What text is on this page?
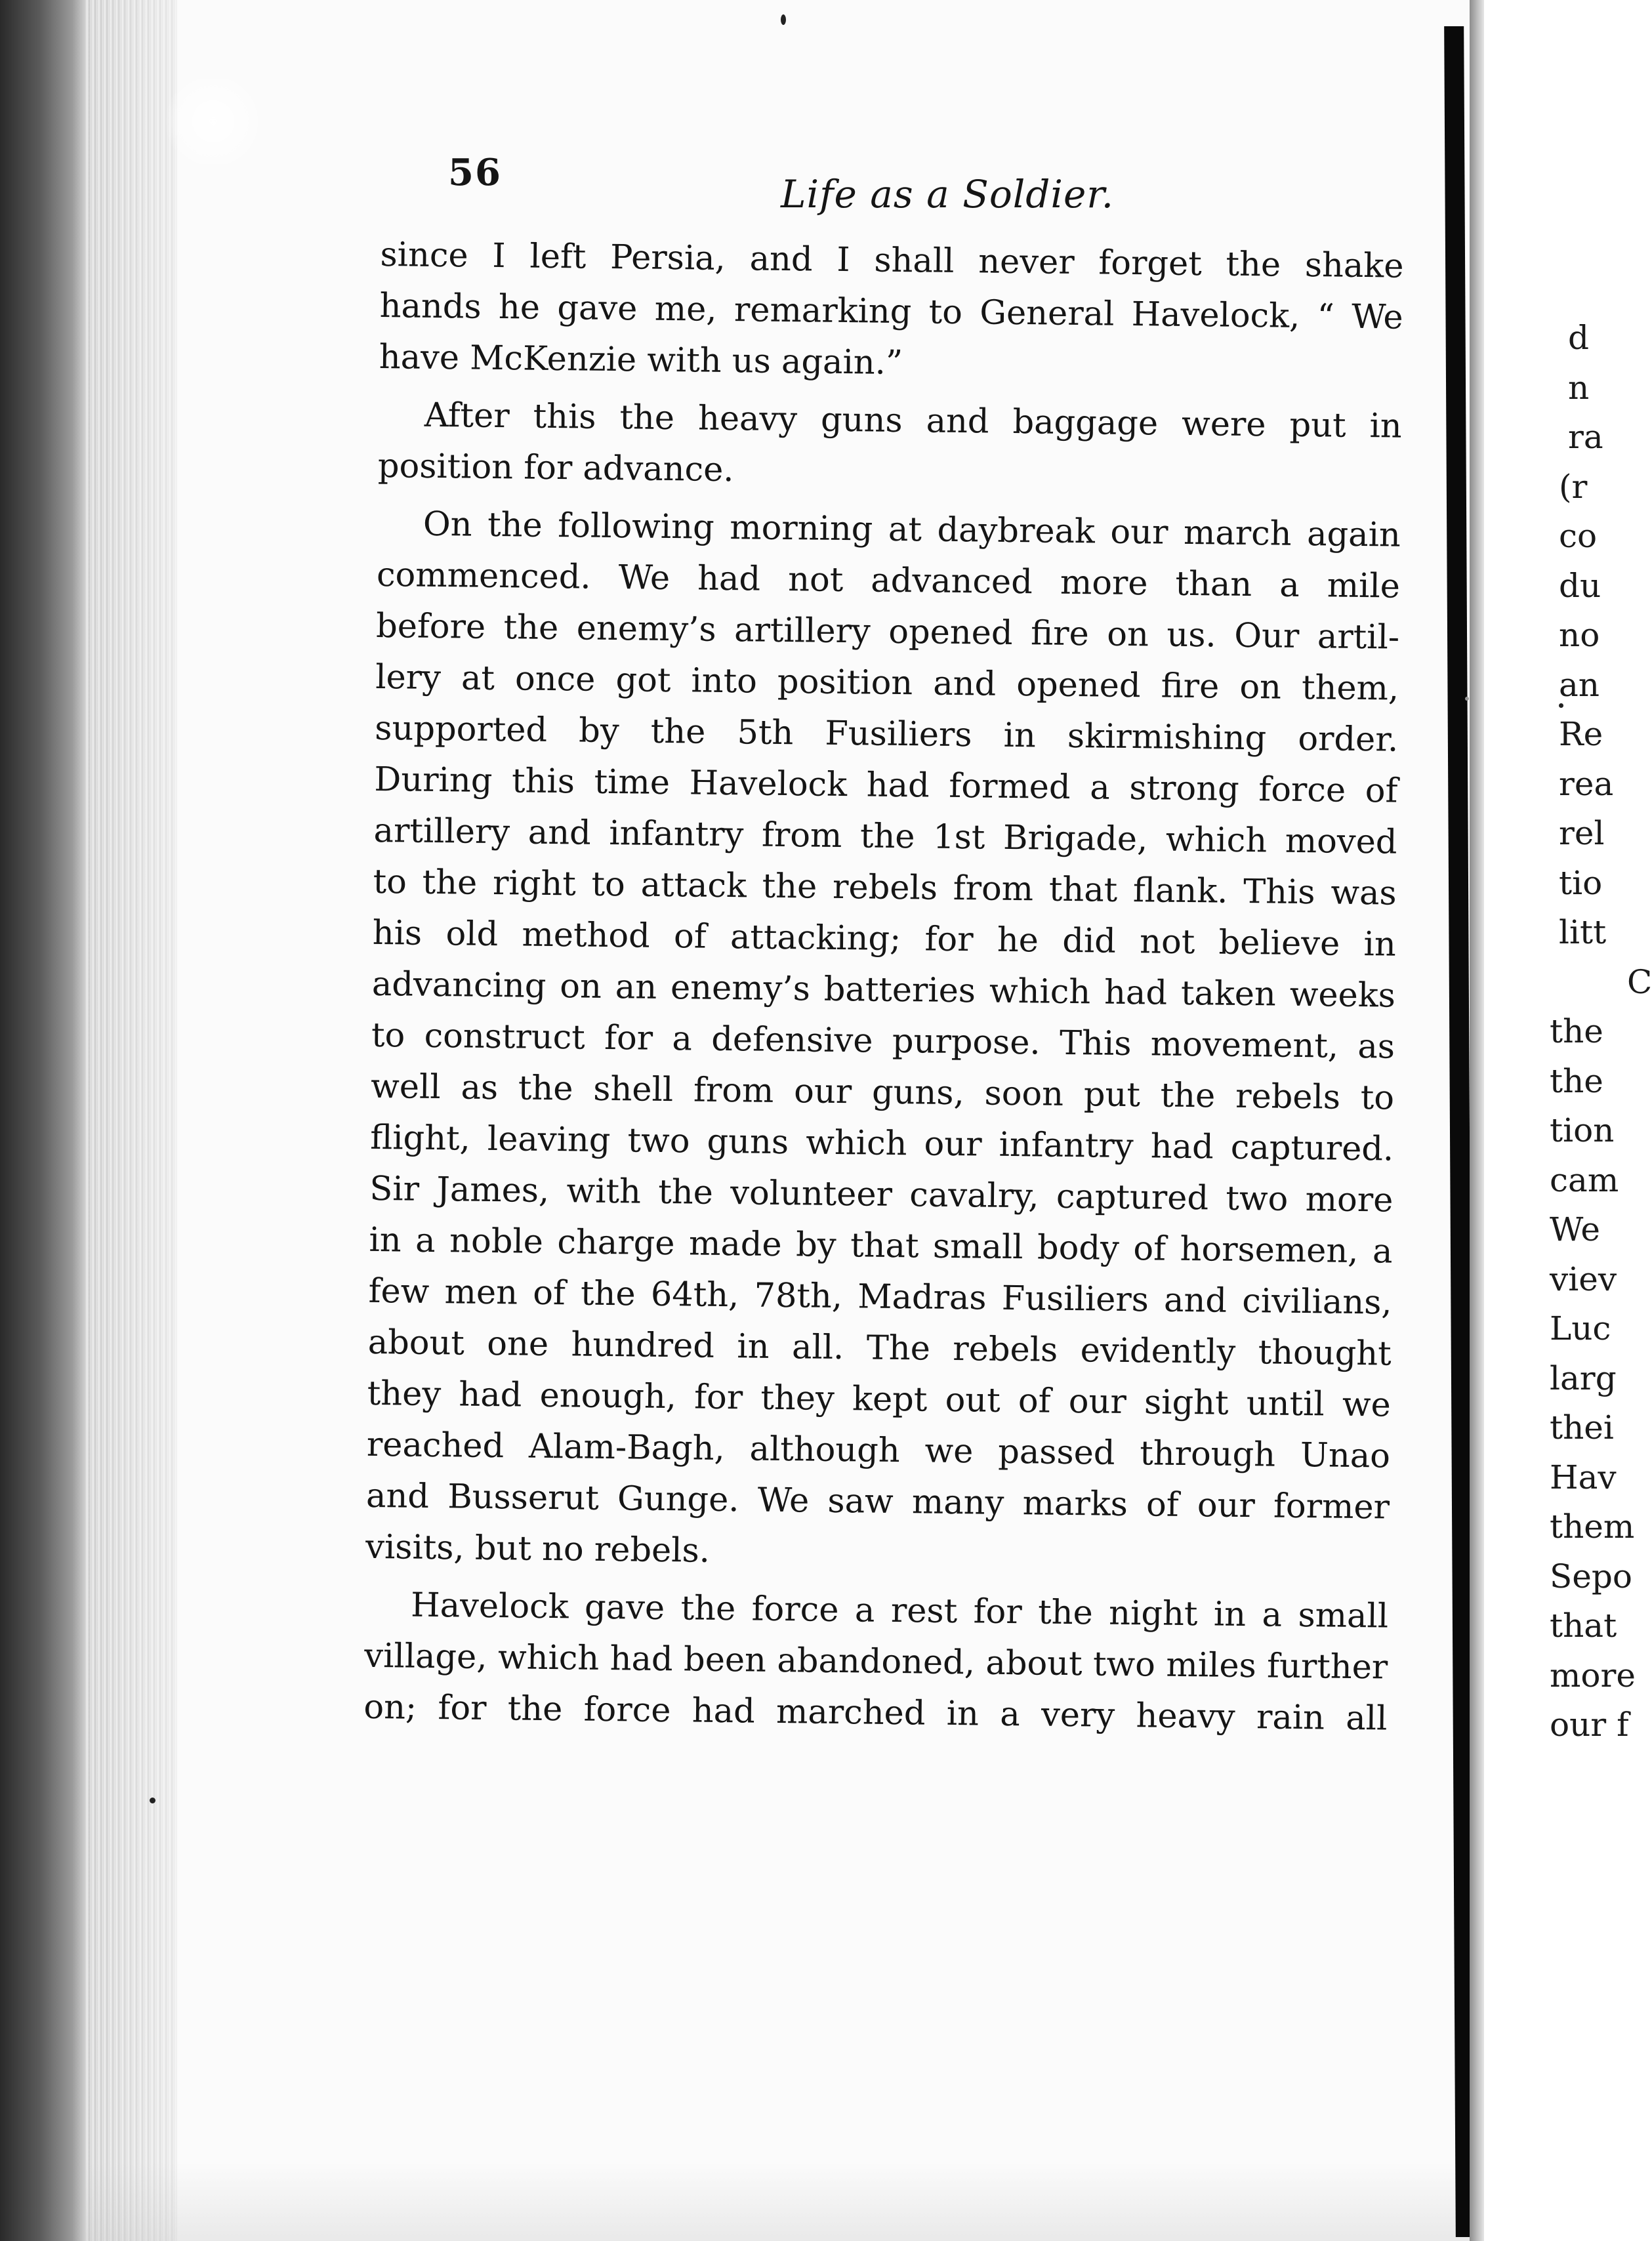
56	Life as a Soldier.
since I left Persia, and I shall never forget the shake
hands he gave me, remarking to General Havelock, “ We
have McKenzie with us again.”
After this the heavy guns and baggage were put in
position for advance.
On the following morning at daybreak our march again
commenced. We had not advanced more than a mile
before the enemy’s artillery opened fire on us. Our artil-
lery at once got into position and opened fire on them,
supported by the 5th Fusiliers in skirmishing order.
During this time Havelock had formed a strong force of
artillery and infantry from the 1st Brigade, which moved
to the right to attack the rebels from that flank. This was
his old method of attacking; for he did not believe in
advancing on an enemy’s batteries which had taken weeks
to construct for a defensive purpose. This movement, as
well as the shell from our guns, soon put the rebels to
flight, leaving two guns which our infantry had captured.
Sir James, with the volunteer cavalry, captured two more
in a noble charge made by that small body of horsemen, a
few men of the 64th, 78th, Madras Fusiliers and civilians,
about one hundred in all. The rebels evidently thought
they had enough, for they kept out of our sight until we
reached Alam-Bagh, although we passed through Unao
and Busserut Gunge. We saw many marks of our former
visits, but no rebels.
Havelock gave the force a rest for the night in a small
village, which had been abandoned, about two miles further
on; for the force had marched in a very heavy rain all
d
n
ra
(r
co
du
no
an
Re
rea
rel
tio
litt
C
the
the
tion
cam
We
viev
Luc
larg
thei
Hav
them
Sepo
that
more
our f
